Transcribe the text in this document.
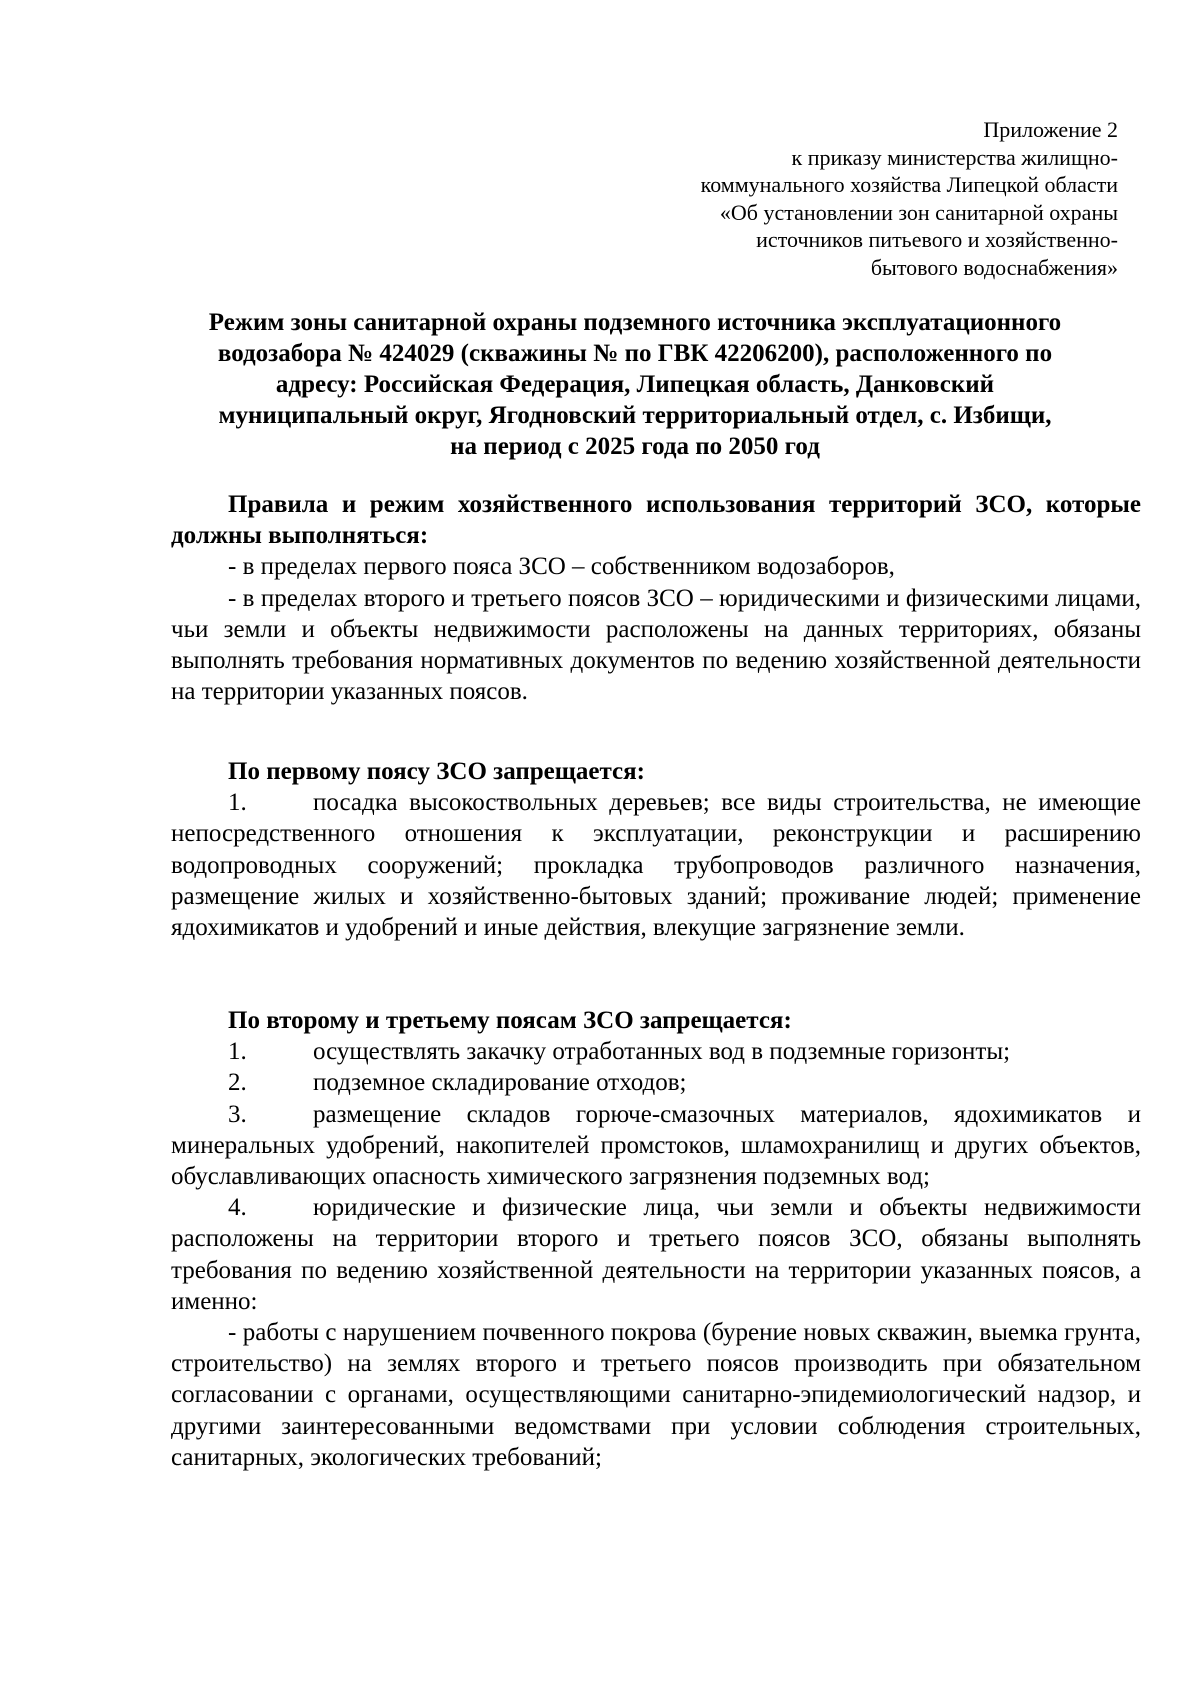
Приложение 2
к приказу министерства жилищно-
коммунального хозяйства Липецкой области
«Об установлении зон санитарной охраны
источников питьевого и хозяйственно-
бытового водоснабжения»
Режим зоны санитарной охраны подземного источника эксплуатационного
водозабора № 424029 (скважины № по ГВК 42206200), расположенного по
адресу: Российская Федерация, Липецкая область, Данковский
муниципальный округ, Ягодновский территориальный отдел, с. Избищи,
на период с 2025 года по 2050 год

Правила и режим хозяйственного использования территорий ЗСО, которые должны выполняться:

- в пределах первого пояса ЗСО – собственником водозаборов,

- в пределах второго и третьего поясов ЗСО – юридическими и физическими лицами, чьи земли и объекты недвижимости расположены на данных территориях, обязаны выполнять требования нормативных документов по ведению хозяйственной деятельности на территории указанных поясов.

По первому поясу ЗСО запрещается:

1.	посадка высокоствольных деревьев; все виды строительства, не имеющие непосредственного отношения к эксплуатации, реконструкции и расширению водопроводных сооружений; прокладка трубопроводов различного назначения, размещение жилых и хозяйственно-бытовых зданий; проживание людей; применение ядохимикатов и удобрений и иные действия, влекущие загрязнение земли.

По второму и третьему поясам ЗСО запрещается:

1.	осуществлять закачку отработанных вод в подземные горизонты;

2.	подземное складирование отходов;

3.	размещение складов горюче-смазочных материалов, ядохимикатов и минеральных удобрений, накопителей промстоков, шламохранилищ и других объектов, обуславливающих опасность химического загрязнения подземных вод;

4.	юридические и физические лица, чьи земли и объекты недвижимости расположены на территории второго и третьего поясов ЗСО, обязаны выполнять требования по ведению хозяйственной деятельности на территории указанных поясов, а именно:

- работы с нарушением почвенного покрова (бурение новых скважин, выемка грунта, строительство) на землях второго и третьего поясов производить при обязательном согласовании с органами, осуществляющими санитарно-эпидемиологический надзор, и другими заинтересованными ведомствами при условии соблюдения строительных, санитарных, экологических требований;
